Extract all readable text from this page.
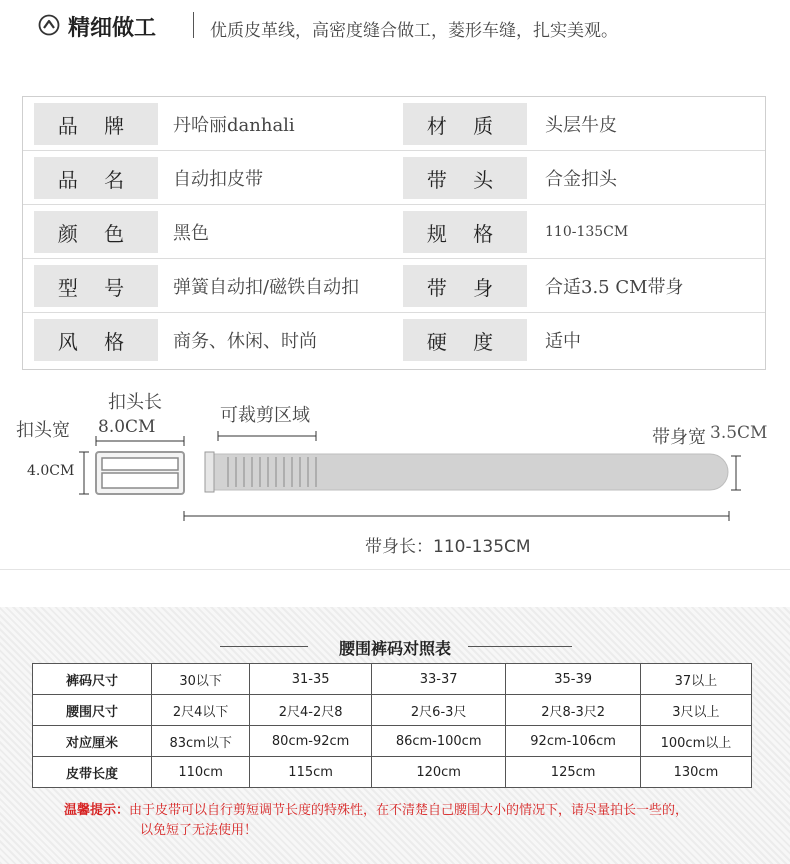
精细做工	优质皮革线，高密度缝合做工，菱形车缝，扎实美观。
品 牌	丹哈丽danhali	材 质	头层牛皮
品 名	自动扣皮带	带 头	合金扣头
颜 色	黑色	规 格	110-135CM
型 号	弹簧自动扣/磁铁自动扣	带 身	合适3.5 CM带身
风 格	商务、休闲、时尚	硬 度	适中
扣头长
8.0CM
扣头宽
4.0CM
可裁剪区域
带身宽 3.5CM
带身长：110-135CM
腰围裤码对照表
裤码尺寸	30以下	31-35	33-37	35-39	37以上
腰围尺寸	2尺4以下	2尺4-2尺8	2尺6-3尺	2尺8-3尺2	3尺以上
对应厘米	83cm以下	80cm-92cm	86cm-100cm	92cm-106cm	100cm以上
皮带长度	110cm	115cm	120cm	125cm	130cm
温馨提示：由于皮带可以自行剪短调节长度的特殊性，在不清楚自己腰围大小的情况下，请尽量拍长一些的，
以免短了无法使用！
